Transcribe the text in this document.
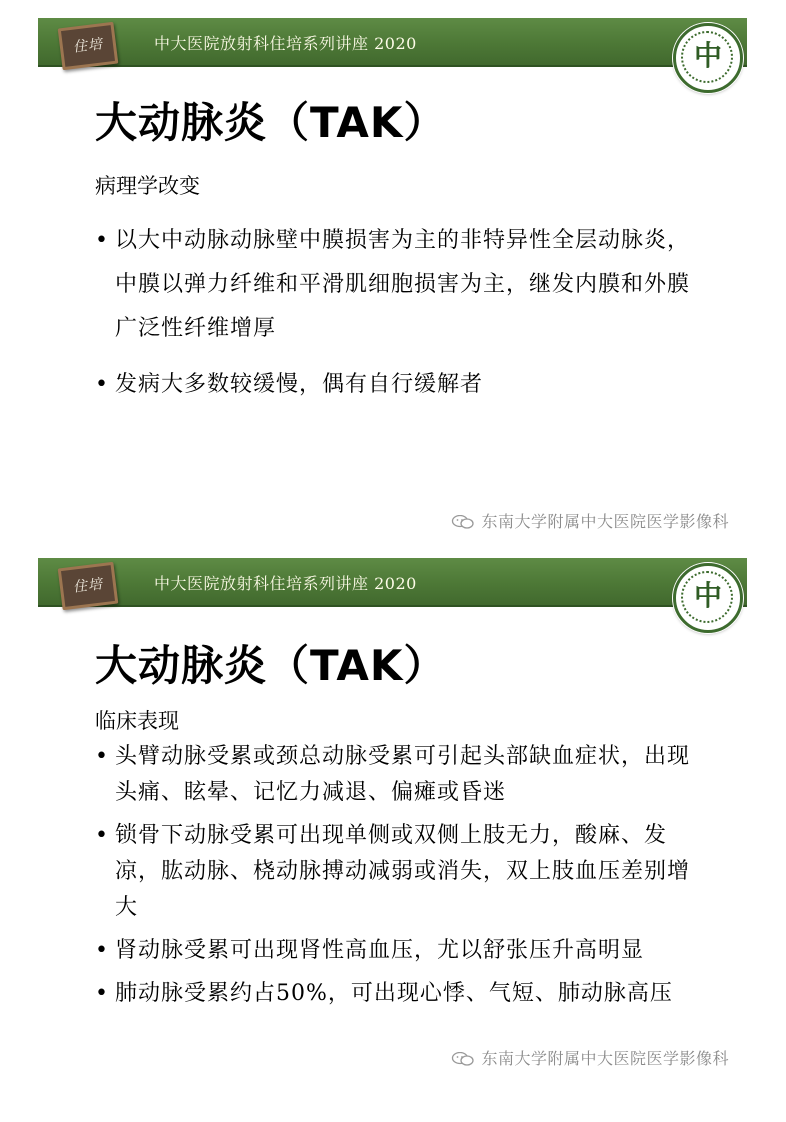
住培	中大医院放射科住培系列讲座 2020	中
大动脉炎（TAK）
病理学改变
• 以大中动脉动脉壁中膜损害为主的非特异性全层动脉炎，中膜以弹力纤维和平滑肌细胞损害为主，继发内膜和外膜广泛性纤维增厚
• 发病大多数较缓慢，偶有自行缓解者
东南大学附属中大医院医学影像科
住培	中大医院放射科住培系列讲座 2020	中
大动脉炎（TAK）
临床表现
• 头臂动脉受累或颈总动脉受累可引起头部缺血症状，出现头痛、眩晕、记忆力减退、偏瘫或昏迷
• 锁骨下动脉受累可出现单侧或双侧上肢无力，酸麻、发凉，肱动脉、桡动脉搏动减弱或消失，双上肢血压差别增大
• 肾动脉受累可出现肾性高血压，尤以舒张压升高明显
• 肺动脉受累约占50%，可出现心悸、气短、肺动脉高压
东南大学附属中大医院医学影像科
